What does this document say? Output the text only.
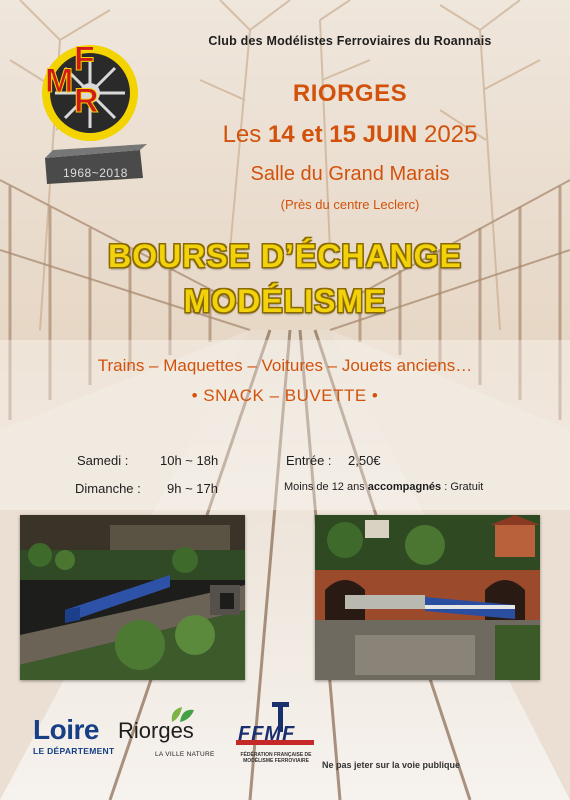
M
F
R
1968~2018
Club des Modélistes Ferroviaires du Roannais
RIORGES
Les 14 et 15 JUIN 2025
Salle du Grand Marais
(Près du centre Leclerc)
BOURSE D’ÉCHANGE
MODÉLISME
Trains – Maquettes – Voitures – Jouets anciens…
• SNACK – BUVETTE •
Samedi : 10h ~ 18h
Dimanche : 9h ~ 17h
Entrée : 2,50€
Moins de 12 ans accompagnés : Gratuit
Loire
LE DÉPARTEMENT
Riorges
LA VILLE NATURE
FFMF
FÉDÉRATION FRANÇAISE DE
MODÉLISME FERROVIAIRE	Ne pas jeter sur la voie publique
